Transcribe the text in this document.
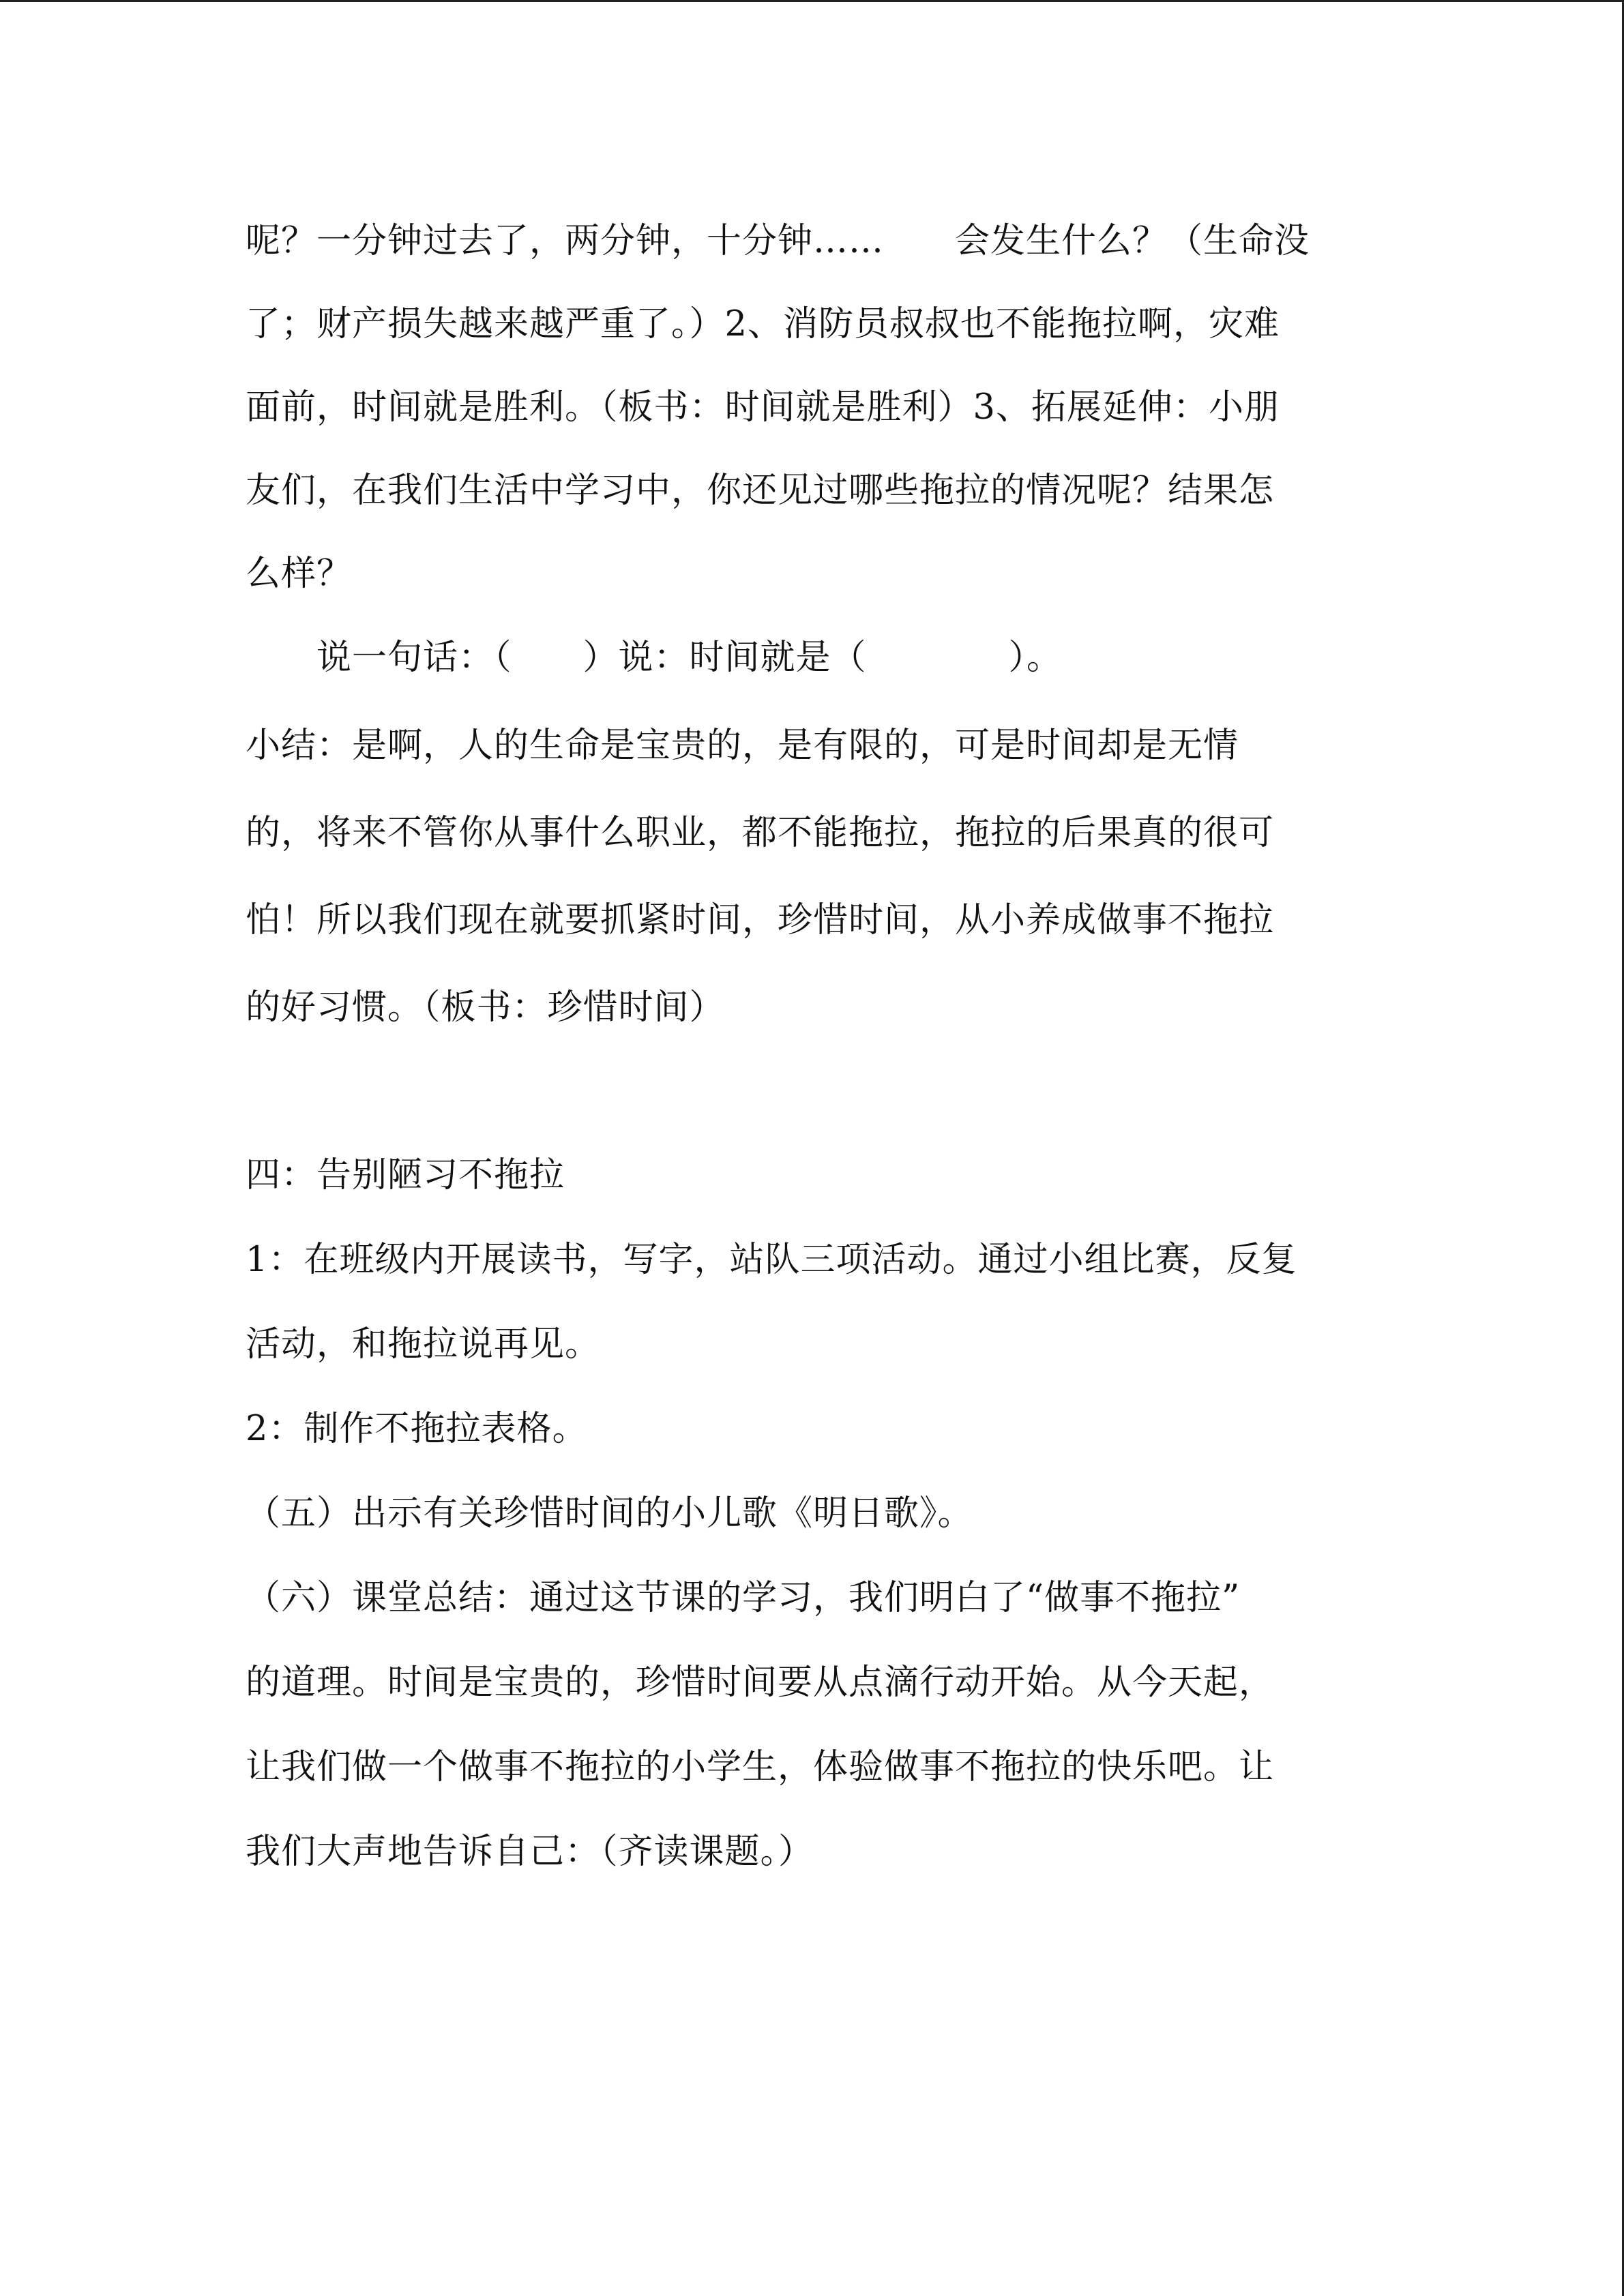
呢？一分钟过去了，两分钟，十分钟……　　会发生什么？（生命没
了；财产损失越来越严重了。）2、消防员叔叔也不能拖拉啊，灾难
面前，时间就是胜利。（板书：时间就是胜利）3、拓展延伸：小朋
友们，在我们生活中学习中，你还见过哪些拖拉的情况呢？结果怎
么样？
　　说一句话：（　　）说：时间就是（　　　　）。
小结：是啊，人的生命是宝贵的，是有限的，可是时间却是无情
的，将来不管你从事什么职业，都不能拖拉，拖拉的后果真的很可
怕！所以我们现在就要抓紧时间，珍惜时间，从小养成做事不拖拉
的好习惯。（板书：珍惜时间）
四：告别陋习不拖拉
1：在班级内开展读书，写字，站队三项活动。通过小组比赛，反复
活动，和拖拉说再见。
2：制作不拖拉表格。
（五）出示有关珍惜时间的小儿歌《明日歌》。
（六）课堂总结：通过这节课的学习，我们明白了“做事不拖拉”
的道理。时间是宝贵的，珍惜时间要从点滴行动开始。从今天起，
让我们做一个做事不拖拉的小学生，体验做事不拖拉的快乐吧。让
我们大声地告诉自己：（齐读课题。）
